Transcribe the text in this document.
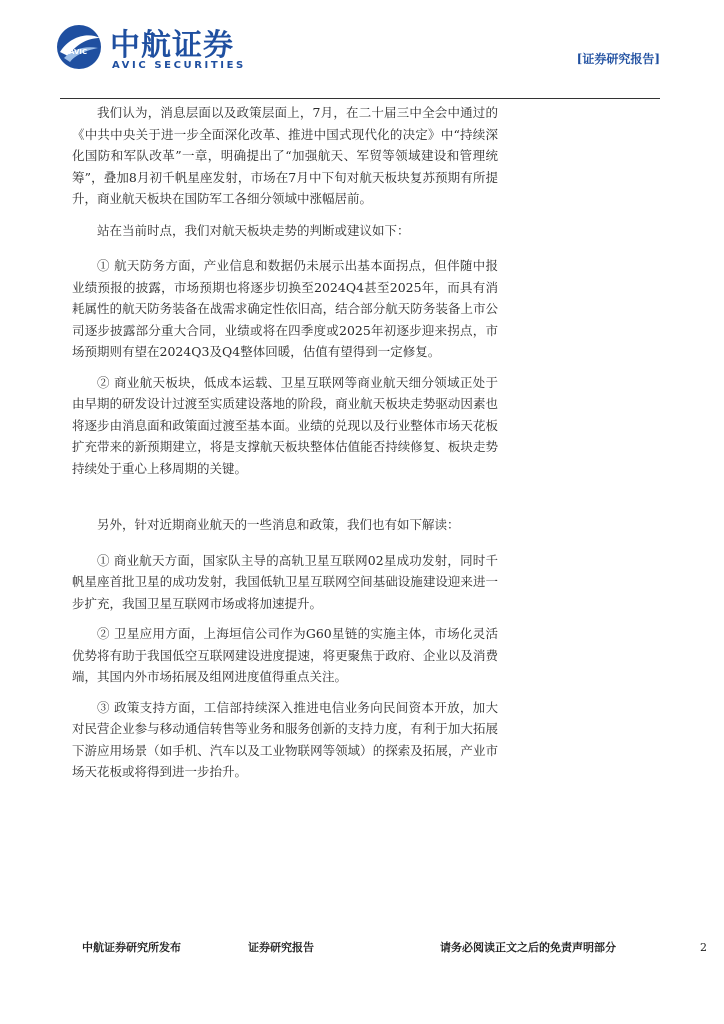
AVIC 中航证券
AVIC SECURITIES	[证券研究报告]

我们认为，消息层面以及政策层面上，7月，在二十届三中全会中通过的《中共中央关于进一步全面深化改革、推进中国式现代化的决定》中“持续深化国防和军队改革”一章，明确提出了“加强航天、军贸等领域建设和管理统筹”，叠加8月初千帆星座发射，市场在7月中下旬对航天板块复苏预期有所提升，商业航天板块在国防军工各细分领域中涨幅居前。

站在当前时点，我们对航天板块走势的判断或建议如下：

① 航天防务方面，产业信息和数据仍未展示出基本面拐点，但伴随中报业绩预报的披露，市场预期也将逐步切换至2024Q4甚至2025年，而具有消耗属性的航天防务装备在战需求确定性依旧高，结合部分航天防务装备上市公司逐步披露部分重大合同，业绩或将在四季度或2025年初逐步迎来拐点，市场预期则有望在2024Q3及Q4整体回暖，估值有望得到一定修复。

② 商业航天板块，低成本运载、卫星互联网等商业航天细分领域正处于由早期的研发设计过渡至实质建设落地的阶段，商业航天板块走势驱动因素也将逐步由消息面和政策面过渡至基本面。业绩的兑现以及行业整体市场天花板扩充带来的新预期建立，将是支撑航天板块整体估值能否持续修复、板块走势持续处于重心上移周期的关键。

另外，针对近期商业航天的一些消息和政策，我们也有如下解读：

① 商业航天方面，国家队主导的高轨卫星互联网02星成功发射，同时千帆星座首批卫星的成功发射，我国低轨卫星互联网空间基础设施建设迎来进一步扩充，我国卫星互联网市场或将加速提升。

② 卫星应用方面，上海垣信公司作为G60星链的实施主体，市场化灵活优势将有助于我国低空互联网建设进度提速，将更聚焦于政府、企业以及消费端，其国内外市场拓展及组网进度值得重点关注。

③ 政策支持方面，工信部持续深入推进电信业务向民间资本开放，加大对民营企业参与移动通信转售等业务和服务创新的支持力度，有利于加大拓展下游应用场景（如手机、汽车以及工业物联网等领域）的探索及拓展，产业市场天花板或将得到进一步抬升。

中航证券研究所发布	证券研究报告	请务必阅读正文之后的免责声明部分	2
